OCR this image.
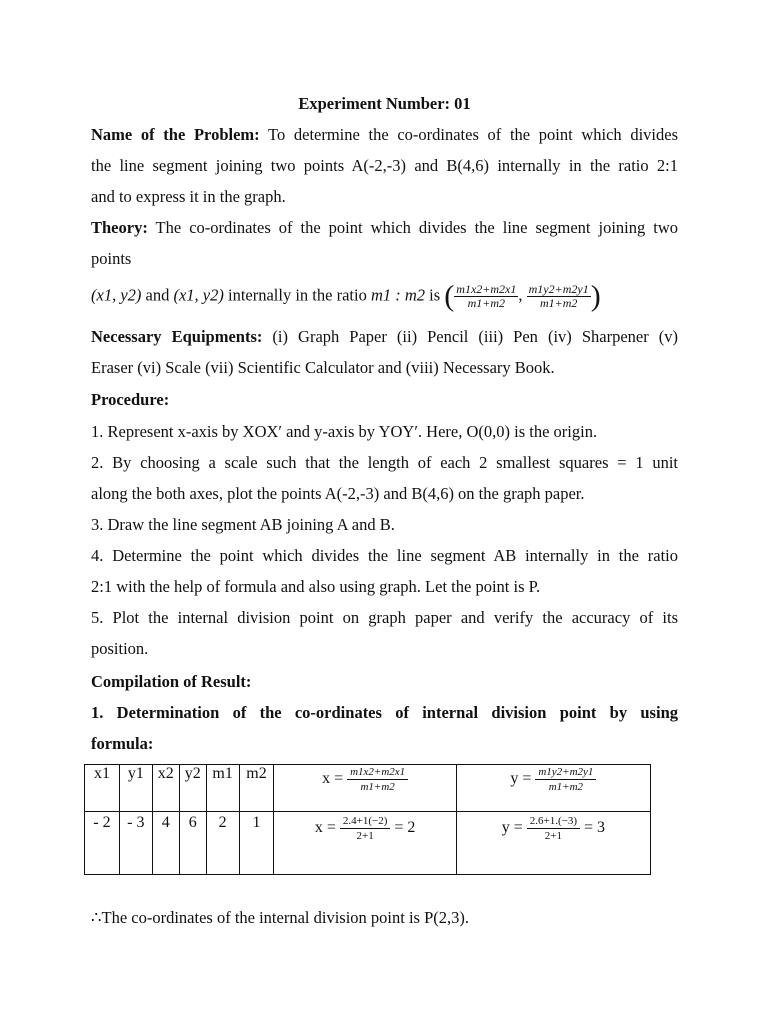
Experiment Number: 01
Name of the Problem: To determine the co-ordinates of the point which divides
the line segment joining two points A(-2,-3) and B(4,6) internally in the ratio 2:1
and to express it in the graph.
Theory: The co-ordinates of the point which divides the line segment joining two
points
(x1, y2) and (x1, y2) internally in the ratio m1 : m2 is ( $\frac{m1x2+m2x1}{m1+m2}$ , $\frac{m1y2+m2y1}{m1+m2}$ )
Necessary Equipments: (i) Graph Paper (ii) Pencil (iii) Pen (iv) Sharpener (v)
Eraser (vi) Scale (vii) Scientific Calculator and (viii) Necessary Book.
Procedure:
1. Represent x-axis by XOX′ and y-axis by YOY′. Here, O(0,0) is the origin.
2. By choosing a scale such that the length of each 2 smallest squares = 1 unit
along the both axes, plot the points A(-2,-3) and B(4,6) on the graph paper.
3. Draw the line segment AB joining A and B.
4. Determine the point which divides the line segment AB internally in the ratio
2:1 with the help of formula and also using graph. Let the point is P.
5. Plot the internal division point on graph paper and verify the accuracy of its
position.
Compilation of Result:
1. Determination of the co-ordinates of internal division point by using
formula:
x1	y1	x2	y2	m1	m2	$x = \frac{m1x2+m2x1}{m1+m2}$	$y = \frac{m1y2+m2y1}{m1+m2}$

- 2	- 3	4	6	2	1	$x = \frac{2.4+1(-2)}{2+1} = 2$	$y = \frac{2.6+1.(-3)}{2+1} = 3$
∴The co-ordinates of the internal division point is P(2,3).
